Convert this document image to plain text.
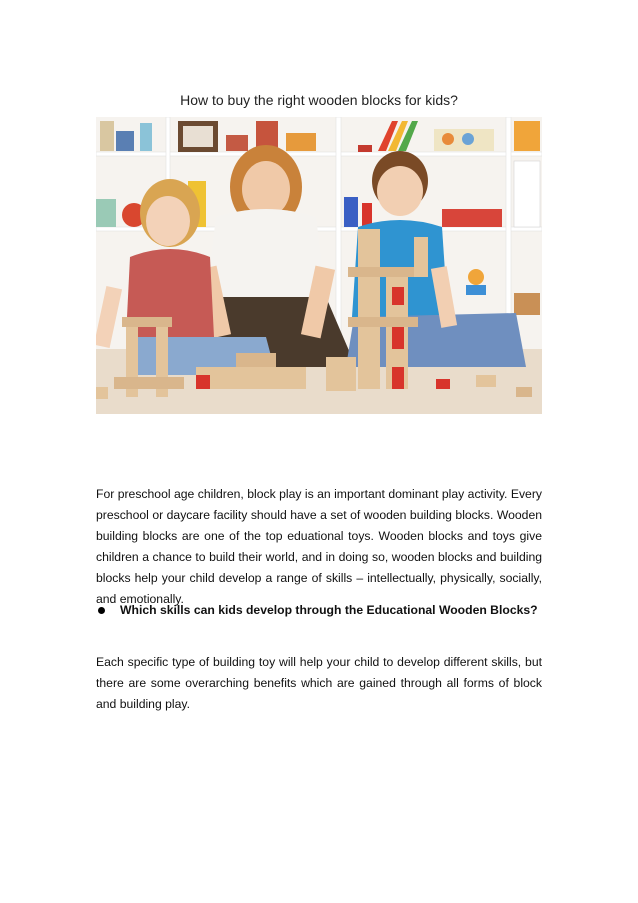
How to buy the right wooden blocks for kids?

For preschool age children, block play is an important dominant play activity. Every preschool or daycare facility should have a set of wooden building blocks. Wooden building blocks are one of the top eduational toys. Wooden blocks and toys give children a chance to build their world, and in doing so, wooden blocks and building blocks help your child develop a range of skills – intellectually, physically, socially, and emotionally.

Which skills can kids develop through the Educational Wooden Blocks?

Each specific type of building toy will help your child to develop different skills, but there are some overarching benefits which are gained through all forms of block and building play.
